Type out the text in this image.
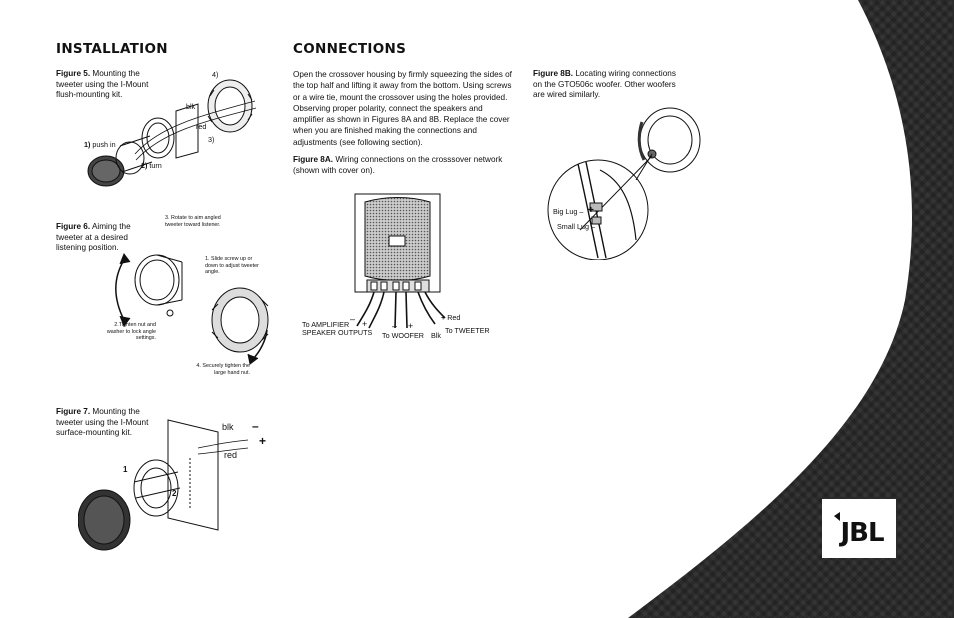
INSTALLATION

Figure 5. Mounting the tweeter using the I-Mount flush-mounting kit.

4)
blk
red
3)
1) push in
2) turn

Figure 6. Aiming the tweeter at a desired listening position.

3. Rotate to aim angled tweeter toward listener.
1. Slide screw up or down to adjust tweeter angle.
2.Tighten nut and washer to lock angle settings.
4. Securely tighten the large hand nut.

Figure 7. Mounting the tweeter using the I-Mount surface-mounting kit.

blk –
red
+
1
2
CONNECTIONS

Open the crossover housing by firmly squeezing the sides of the top half and lifting it away from the bottom. Using screws or a wire tie, mount the crossover using the holes provided. Observing proper polarity, connect the speakers and amplifier as shown in Figures 8A and 8B. Replace the cover when you are finished making the connections and adjustments (see following section).

Figure 8A. Wiring connections on the crosssover network (shown with cover on).

– +
To AMPLIFIER
SPEAKER OUTPUTS
– +
To WOOFER
+ Red
To TWEETER
Blk

Figure 8B. Locating wiring connections on the GTO506c woofer. Other woofers are wired similarly.

Big Lug – +
Small Lug –
JBL
